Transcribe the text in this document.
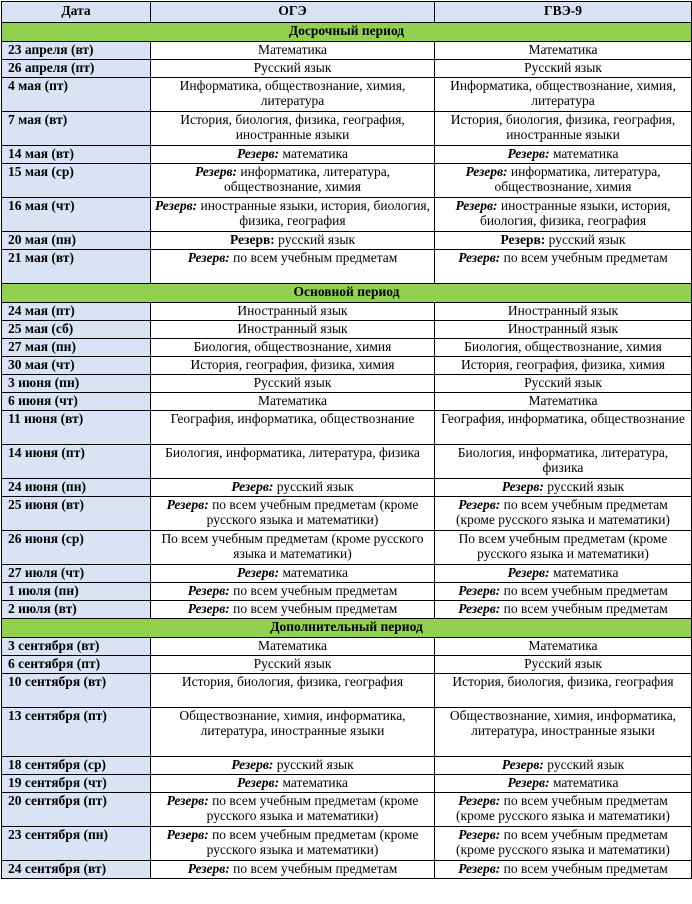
Дата	ОГЭ	ГВЭ-9
Досрочный период		
23 апреля (вт)	Математика	Математика
26 апреля (пт)	Русский язык	Русский язык
4 мая (пт)	Информатика, обществознание, химия, литература	Информатика, обществознание, химия, литература
7 мая (вт)	История, биология, физика, география, иностранные языки	История, биология, физика, география, иностранные языки
14 мая (вт)	Резерв: математика	Резерв: математика
15 мая (ср)	Резерв: информатика, литература, обществознание, химия	Резерв: информатика, литература, обществознание, химия
16 мая (чт)	Резерв: иностранные языки, история, биология, физика, география	Резерв: иностранные языки, история, биология, физика, география
20 мая (пн)	Резерв: русский язык	Резерв: русский язык
21 мая (вт)	Резерв: по всем учебным предметам	Резерв: по всем учебным предметам
Основной период		
24 мая (пт)	Иностранный язык	Иностранный язык
25 мая (сб)	Иностранный язык	Иностранный язык
27 мая (пн)	Биология, обществознание, химия	Биология, обществознание, химия
30 мая (чт)	История, география, физика, химия	История, география, физика, химия
3 июня (пн)	Русский язык	Русский язык
6 июня (чт)	Математика	Математика
11 июня (вт)	География, информатика, обществознание	География, информатика, обществознание
14 июня (пт)	Биология, информатика, литература, физика	Биология, информатика, литература, физика
24 июня (пн)	Резерв: русский язык	Резерв: русский язык
25 июня (вт)	Резерв: по всем учебным предметам (кроме русского языка и математики)	Резерв: по всем учебным предметам (кроме русского языка и математики)
26 июня (ср)	По всем учебным предметам (кроме русского языка и математики)	По всем учебным предметам (кроме русского языка и математики)
27 июля (чт)	Резерв: математика	Резерв: математика
1 июля (пн)	Резерв: по всем учебным предметам	Резерв: по всем учебным предметам
2 июля (вт)	Резерв: по всем учебным предметам	Резерв: по всем учебным предметам
Дополнительный период		
3 сентября (вт)	Математика	Математика
6 сентября (пт)	Русский язык	Русский язык
10 сентября (вт)	История, биология, физика, география	История, биология, физика, география
13 сентября (пт)	Обществознание, химия, информатика, литература, иностранные языки	Обществознание, химия, информатика, литература, иностранные языки
18 сентября (ср)	Резерв: русский язык	Резерв: русский язык
19 сентября (чт)	Резерв: математика	Резерв: математика
20 сентября (пт)	Резерв: по всем учебным предметам (кроме русского языка и математики)	Резерв: по всем учебным предметам (кроме русского языка и математики)
23 сентября (пн)	Резерв: по всем учебным предметам (кроме русского языка и математики)	Резерв: по всем учебным предметам (кроме русского языка и математики)
24 сентября (вт)	Резерв: по всем учебным предметам	Резерв: по всем учебным предметам
